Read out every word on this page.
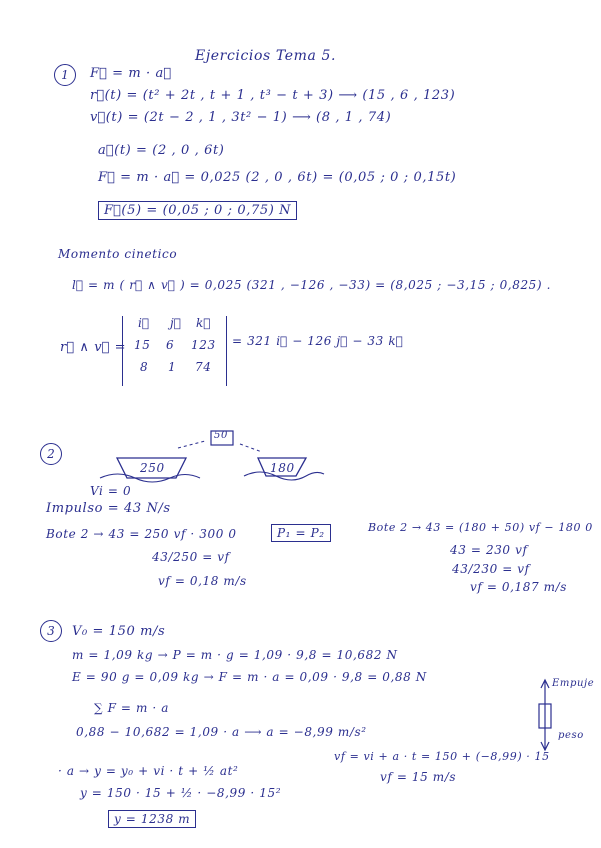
Ejercicios Tema 5.
1	F⃗ = m · a⃗
r⃗(t) = (t² + 2t , t + 1 , t³ − t + 3) ⟶ (15 , 6 , 123)
v⃗(t) = (2t − 2 , 1 , 3t² − 1) ⟶ (8 , 1 , 74)
a⃗(t) = (2 , 0 , 6t)
F⃗ = m · a⃗ = 0,025 (2 , 0 , 6t) = (0,05 ; 0 ; 0,15t)
F⃗(5) = (0,05 ; 0 ; 0,75) N
Momento cinetico
l⃗ = m ( r⃗ ∧ v⃗ ) = 0,025 (321 , −126 , −33) = (8,025 ; −3,15 ; 0,825) .
r⃗ ∧ v⃗ =
i⃗ j⃗ k⃗
15 6 123
8 1 74
= 321 i⃗ − 126 j⃗ − 33 k⃗
2
50
250	180
Vi = 0
Impulso = 43 N/s
Bote 2 → 43 = 250 vf · 300 0	P₁ = P₂
43/250 = vf
vf = 0,18 m/s
Bote 2 → 43 = (180 + 50) vf − 180 0
43 = 230 vf
43/230 = vf
vf = 0,187 m/s
3	V₀ = 150 m/s
m = 1,09 kg → P = m · g = 1,09 · 9,8 = 10,682 N
E = 90 g = 0,09 kg → F = m · a = 0,09 · 9,8 = 0,88 N
∑ F = m · a
0,88 − 10,682 = 1,09 · a ⟶ a = −8,99 m/s²
Empuje
peso
vf = vi + a · t = 150 + (−8,99) · 15
vf = 15 m/s
· a → y = y₀ + vi · t + ½ at²
y = 150 · 15 + ½ · −8,99 · 15²
y = 1238 m
